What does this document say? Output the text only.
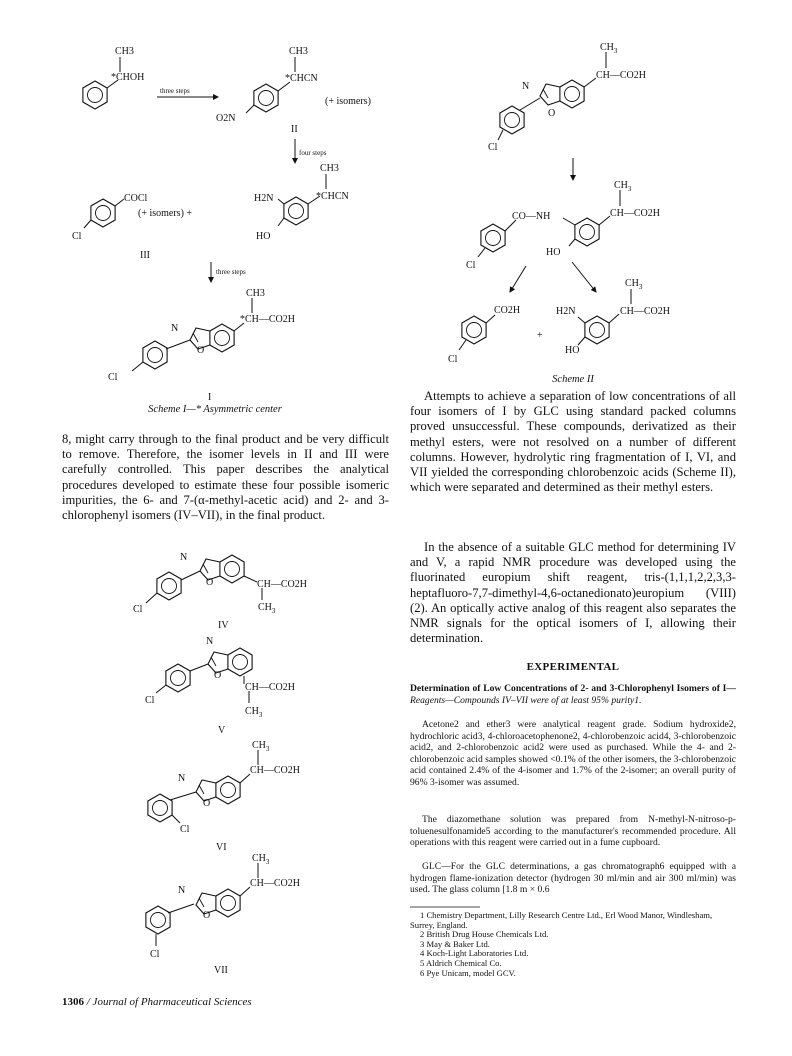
CH3
*CHOH
three steps
CH3
*CHCN
O2N
(+ isomers)
II
four steps
COCl
Cl
(+ isomers) +
III
CH3
*CHCN
H2N
HO
three steps
CH3
*CH—CO2H
N
O
Cl
I
$CH_3$
CH—CO2H
N
O
Cl
$CH_3$
CH—CO2H
CO—NH
HO
Cl
CO2H
Cl
+
$CH_3$
CH—CO2H
H2N
HO
N
O	CH—CO2H
$CH_3$
Cl
IV
N
O
CH—CO2H
$CH_3$
Cl
V
$CH_3$
CH—CO2H
N
O
Cl
VI
$CH_3$
CH—CO2H
N
O
Cl
VII
Scheme I—* Asymmetric center
Scheme II
8, might carry through to the final product and be very difficult to remove. Therefore, the isomer levels in II and III were carefully controlled. This paper describes the analytical procedures developed to estimate these four possible isomeric impurities, the 6- and 7-(α-methyl-acetic acid) and 2- and 3-chlorophenyl isomers (IV–VII), in the final product.
Attempts to achieve a separation of low concentrations of all four isomers of I by GLC using standard packed columns proved unsuccessful. These compounds, derivatized as their methyl esters, were not resolved on a number of different columns. However, hydrolytic ring fragmentation of I, VI, and VII yielded the corresponding chlorobenzoic acids (Scheme II), which were separated and determined as their methyl esters.
In the absence of a suitable GLC method for determining IV and V, a rapid NMR procedure was developed using the fluorinated europium shift reagent, tris-(1,1,1,2,2,3,3-heptafluoro-7,7-dimethyl-4,6-octanedionato)europium (VIII) (2). An optically active analog of this reagent also separates the NMR signals for the optical isomers of I, allowing their determination.
EXPERIMENTAL
Determination of Low Concentrations of 2- and 3-Chlorophenyl Isomers of I—Reagents—Compounds IV–VII were of at least 95% purity1.
Acetone2 and ether3 were analytical reagent grade. Sodium hydroxide2, hydrochloric acid3, 4-chloroacetophenone2, 4-chlorobenzoic acid4, 3-chlorobenzoic acid2, and 2-chlorobenzoic acid2 were used as purchased. While the 4- and 2-chlorobenzoic acid samples showed <0.1% of the other isomers, the 3-chlorobenzoic acid contained 2.4% of the 4-isomer and 1.7% of the 2-isomer; an overall purity of 96% 3-isomer was assumed.
The diazomethane solution was prepared from N-methyl-N-nitroso-p-toluenesulfonamide5 according to the manufacturer's recommended procedure. All operations with this reagent were carried out in a fume cupboard.
GLC—For the GLC determinations, a gas chromatograph6 equipped with a hydrogen flame-ionization detector (hydrogen 30 ml/min and air 300 ml/min) was used. The glass column [1.8 m × 0.6
1 Chemistry Department, Lilly Research Centre Ltd., Erl Wood Manor, Windlesham, Surrey, England.
2 British Drug House Chemicals Ltd.
3 May & Baker Ltd.
4 Koch-Light Laboratories Ltd.
5 Aldrich Chemical Co.
6 Pye Unicam, model GCV.
1306 / Journal of Pharmaceutical Sciences
